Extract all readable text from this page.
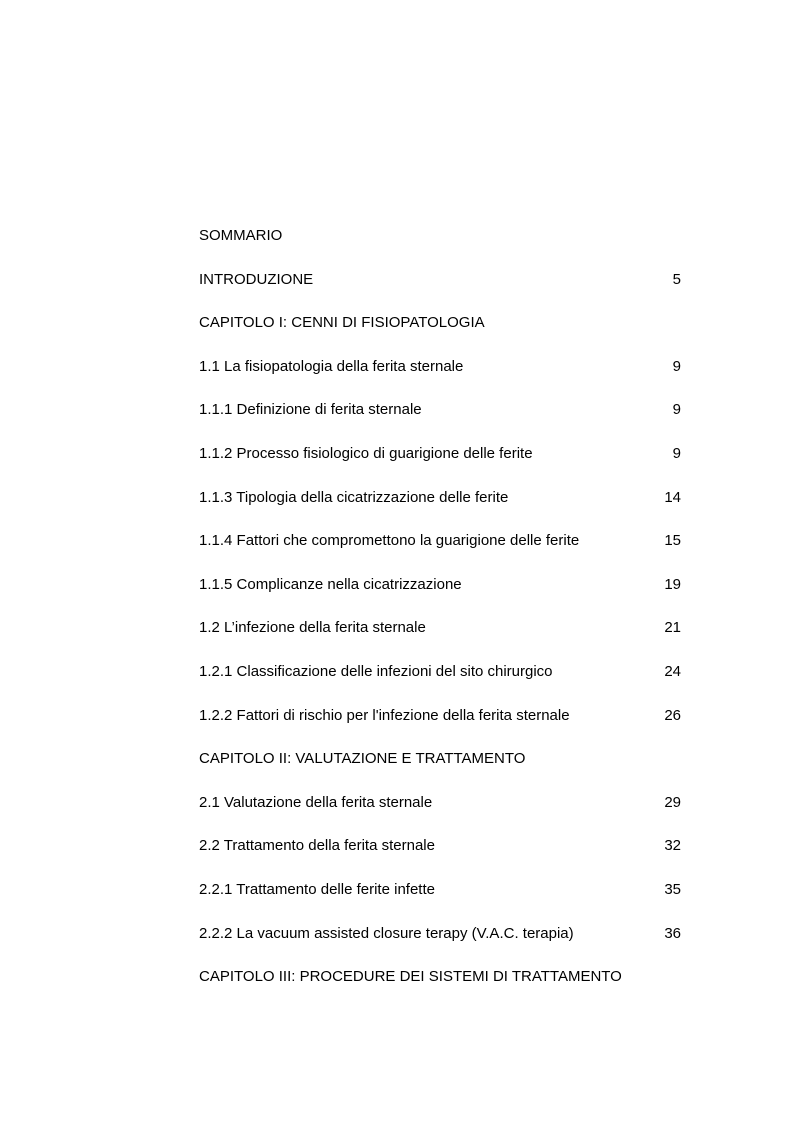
SOMMARIO
INTRODUZIONE	5
CAPITOLO I: CENNI DI FISIOPATOLOGIA
1.1 La fisiopatologia della ferita sternale	9
1.1.1 Definizione di ferita sternale	9
1.1.2 Processo fisiologico di guarigione delle ferite	9
1.1.3 Tipologia della cicatrizzazione delle ferite	14
1.1.4 Fattori che compromettono la guarigione delle ferite	15
1.1.5 Complicanze nella cicatrizzazione	19
1.2 L’infezione della ferita sternale	21
1.2.1 Classificazione delle infezioni del sito chirurgico	24
1.2.2 Fattori di rischio per l'infezione della ferita sternale	26
CAPITOLO II: VALUTAZIONE E TRATTAMENTO
2.1 Valutazione della ferita sternale	29
2.2 Trattamento della ferita sternale	32
2.2.1 Trattamento delle ferite infette	35
2.2.2 La vacuum assisted closure terapy (V.A.C. terapia)	36
CAPITOLO III: PROCEDURE DEI SISTEMI DI TRATTAMENTO
